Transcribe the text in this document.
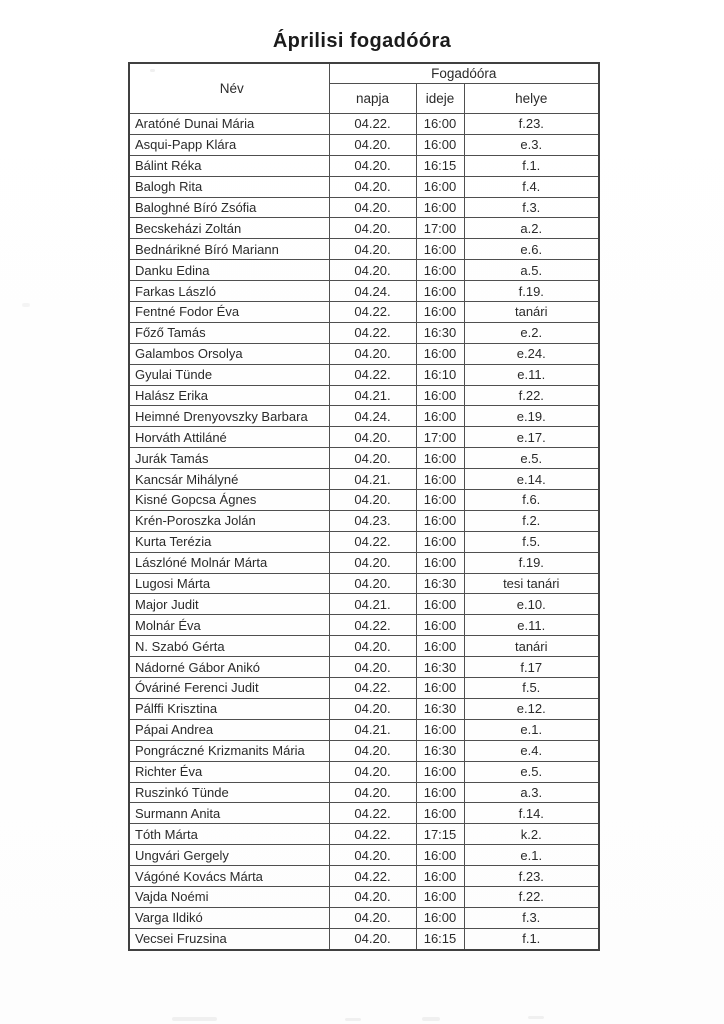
Áprilisi fogadóóra
Név	Fogadóóra		
	napja	ideje	helye
Aratóné Dunai Mária	04.22.	16:00	f.23.
Asqui-Papp Klára	04.20.	16:00	e.3.
Bálint Réka	04.20.	16:15	f.1.
Balogh Rita	04.20.	16:00	f.4.
Baloghné Bíró Zsófia	04.20.	16:00	f.3.
Becskeházi Zoltán	04.20.	17:00	a.2.
Bednárikné Bíró Mariann	04.20.	16:00	e.6.
Danku Edina	04.20.	16:00	a.5.
Farkas László	04.24.	16:00	f.19.
Fentné Fodor Éva	04.22.	16:00	tanári
Főző Tamás	04.22.	16:30	e.2.
Galambos Orsolya	04.20.	16:00	e.24.
Gyulai Tünde	04.22.	16:10	e.11.
Halász Erika	04.21.	16:00	f.22.
Heimné Drenyovszky Barbara	04.24.	16:00	e.19.
Horváth Attiláné	04.20.	17:00	e.17.
Jurák Tamás	04.20.	16:00	e.5.
Kancsár Mihályné	04.21.	16:00	e.14.
Kisné Gopcsa Ágnes	04.20.	16:00	f.6.
Krén-Poroszka Jolán	04.23.	16:00	f.2.
Kurta Terézia	04.22.	16:00	f.5.
Lászlóné Molnár Márta	04.20.	16:00	f.19.
Lugosi Márta	04.20.	16:30	tesi tanári
Major Judit	04.21.	16:00	e.10.
Molnár Éva	04.22.	16:00	e.11.
N. Szabó Gérta	04.20.	16:00	tanári
Nádorné Gábor Anikó	04.20.	16:30	f.17
Óváriné Ferenci Judit	04.22.	16:00	f.5.
Pálffi Krisztina	04.20.	16:30	e.12.
Pápai Andrea	04.21.	16:00	e.1.
Pongráczné Krizmanits Mária	04.20.	16:30	e.4.
Richter Éva	04.20.	16:00	e.5.
Ruszinkó Tünde	04.20.	16:00	a.3.
Surmann Anita	04.22.	16:00	f.14.
Tóth Márta	04.22.	17:15	k.2.
Ungvári Gergely	04.20.	16:00	e.1.
Vágóné Kovács Márta	04.22.	16:00	f.23.
Vajda Noémi	04.20.	16:00	f.22.
Varga Ildikó	04.20.	16:00	f.3.
Vecsei Fruzsina	04.20.	16:15	f.1.
